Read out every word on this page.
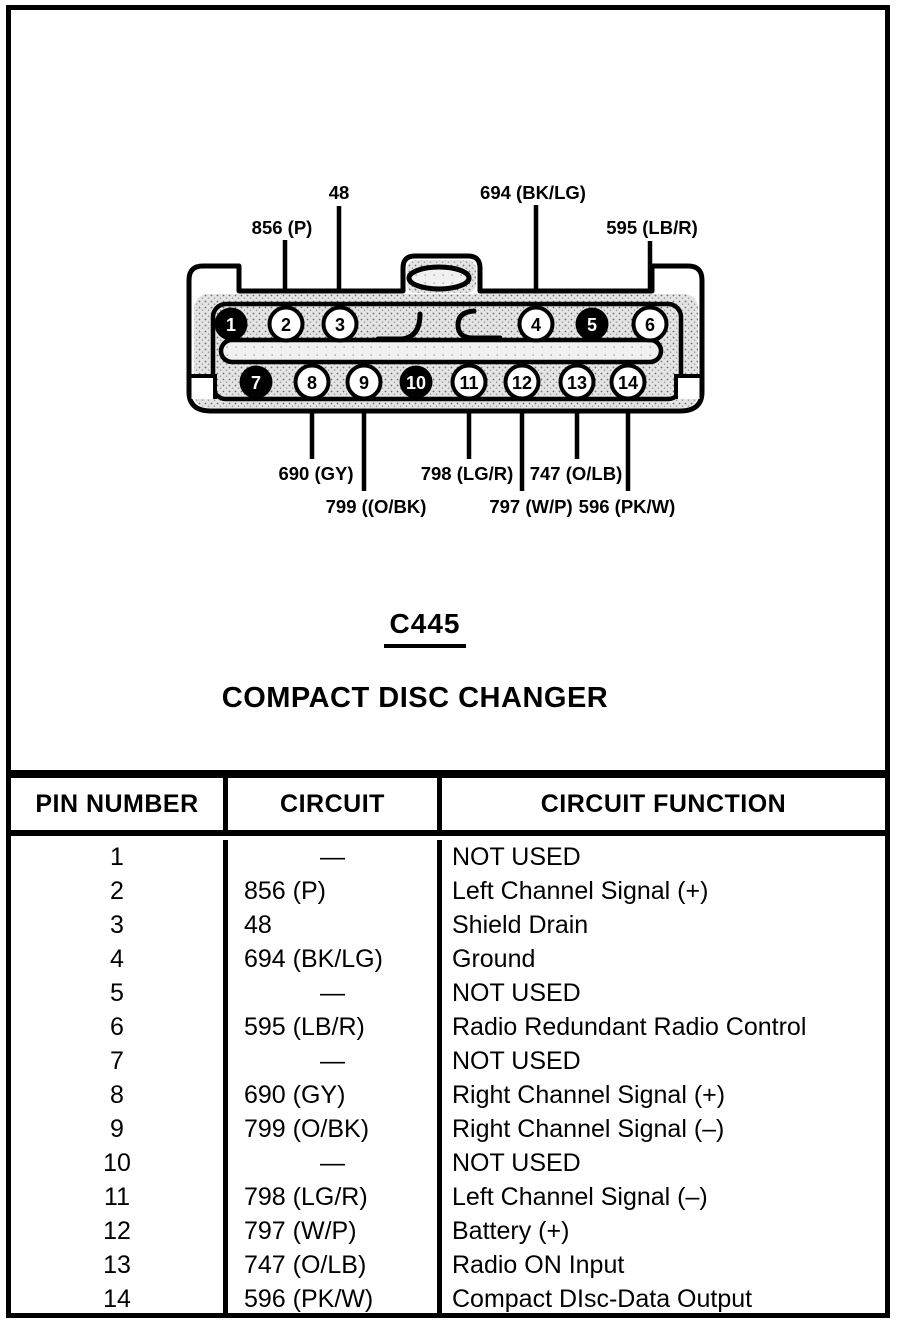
1 2 3	4	5	6
7	8 9 10 11 12 13 14
48	694 (BK/LG)
856 (P)	595 (LB/R)
690 (GY)
799 ((O/BK)
798 (LG/R) 747 (O/LB)
797 (W/P) 596 (PK/W)
C445
COMPACT DISC CHANGER
PIN NUMBER	CIRCUIT	CIRCUIT FUNCTION
1	—	NOT USED
2	856 (P)	Left Channel Signal (+)
3	48	Shield Drain
4	694 (BK/LG)	Ground
5	—	NOT USED
6	595 (LB/R)	Radio Redundant Radio Control
7	—	NOT USED
8	690 (GY)	Right Channel Signal (+)
9	799 (O/BK)	Right Channel Signal (–)
10	—	NOT USED
11	798 (LG/R)	Left Channel Signal (–)
12	797 (W/P)	Battery (+)
13	747 (O/LB)	Radio ON Input
14	596 (PK/W)	Compact DIsc-Data Output
